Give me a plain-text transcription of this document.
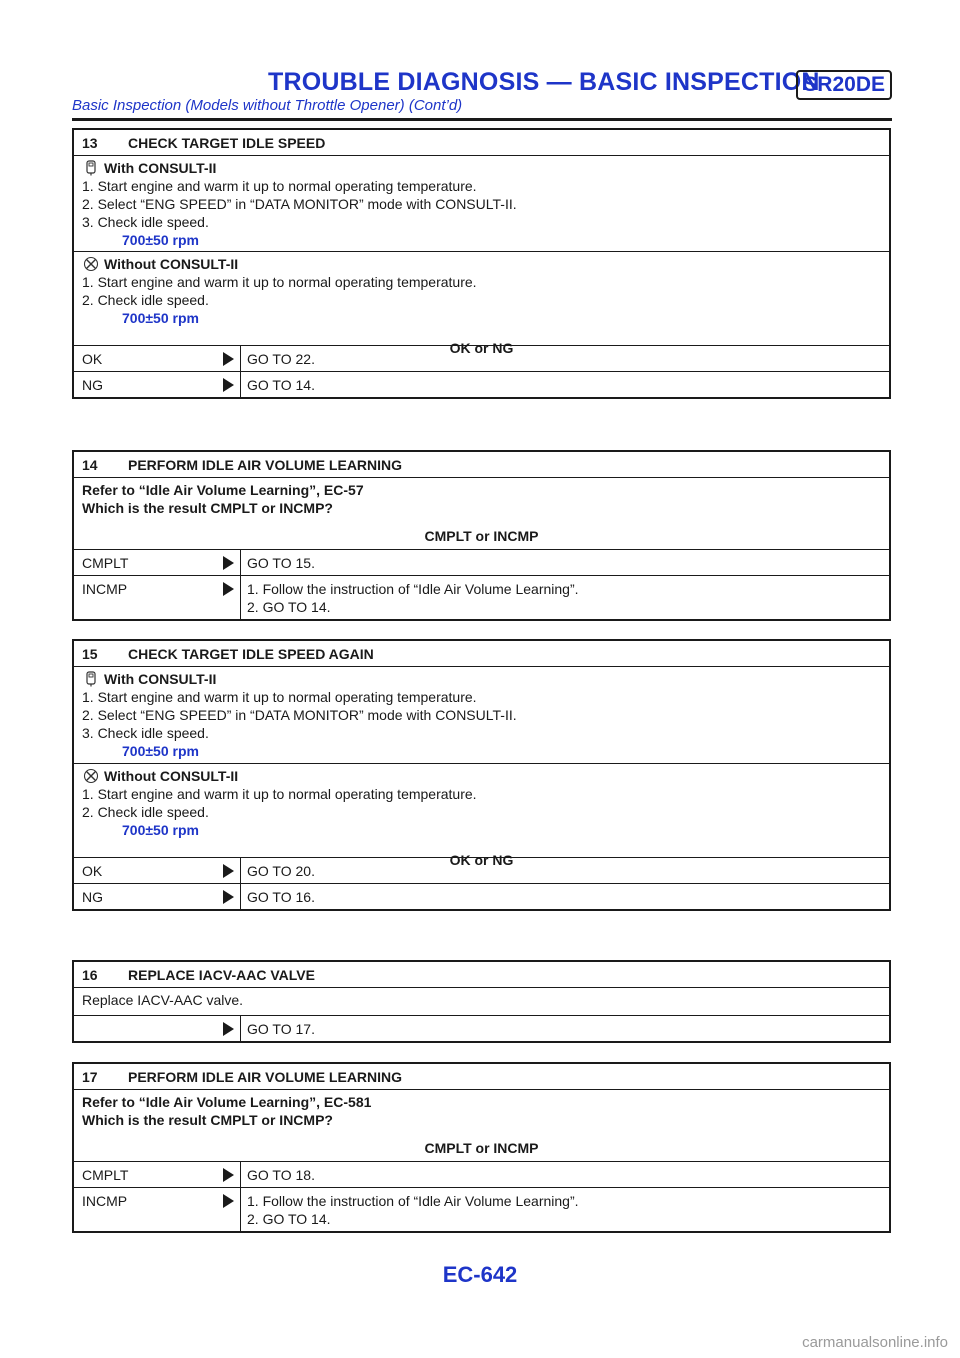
TROUBLE DIAGNOSIS — BASIC INSPECTION
SR20DE
Basic Inspection (Models without Throttle Opener) (Cont’d)
13 CHECK TARGET IDLE SPEED
With CONSULT-II
1. Start engine and warm it up to normal operating temperature.
2. Select “ENG SPEED” in “DATA MONITOR” mode with CONSULT-II.
3. Check idle speed.
700±50 rpm
Without CONSULT-II
1. Start engine and warm it up to normal operating temperature.
2. Check idle speed.
700±50 rpm
OK or NG
OK	GO TO 22.
NG	GO TO 14.
14 PERFORM IDLE AIR VOLUME LEARNING
Refer to “Idle Air Volume Learning”, EC-57
Which is the result CMPLT or INCMP?
CMPLT or INCMP
CMPLT	GO TO 15.
INCMP	1. Follow the instruction of “Idle Air Volume Learning”.
2. GO TO 14.
15 CHECK TARGET IDLE SPEED AGAIN
With CONSULT-II
1. Start engine and warm it up to normal operating temperature.
2. Select “ENG SPEED” in “DATA MONITOR” mode with CONSULT-II.
3. Check idle speed.
700±50 rpm
Without CONSULT-II
1. Start engine and warm it up to normal operating temperature.
2. Check idle speed.
700±50 rpm
OK or NG
OK	GO TO 20.
NG	GO TO 16.
16 REPLACE IACV-AAC VALVE
Replace IACV-AAC valve.
GO TO 17.
17 PERFORM IDLE AIR VOLUME LEARNING
Refer to “Idle Air Volume Learning”, EC-581
Which is the result CMPLT or INCMP?
CMPLT or INCMP
CMPLT	GO TO 18.
INCMP	1. Follow the instruction of “Idle Air Volume Learning”.
2. GO TO 14.
EC-642
carmanualsonline.info
